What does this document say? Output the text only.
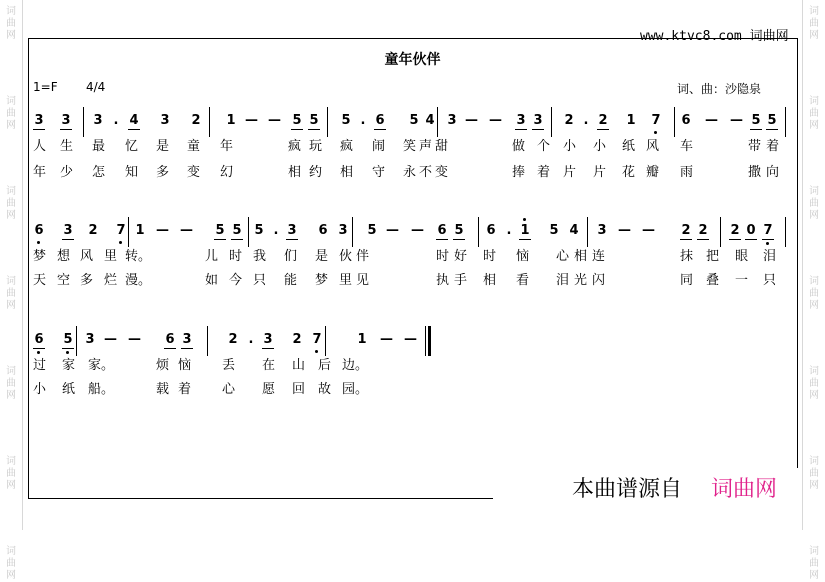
词
曲
网
词
曲
网
词
曲
网
词
曲
网
词
曲
网
词
曲
网
词
曲
网
词
曲
网
词
曲
网
词
曲
网
词
曲
网
词
曲
网
词
曲
网
词
曲
网
www.ktvc8.com 词曲网
童年伙伴
1=F 4/4	词、曲：沙隐泉
3 3 3 . 4 3 2 1 — — 5 5 5 . 6 5 4 3 — — 3 3 2 . 2 1 7 6 — — 5 5
人 生 最 忆 是 童 年	疯 玩 疯 闹 笑 声 甜	做 个 小 小 纸 风 车	带 着
年 少 怎 知 多 变 幻	相 约 相 守 永 不 变	捧 着 片 片 花 瓣 雨	撒 向
6 3 2 7 1 — — 5 5 5 . 3 6 3 5 — — 6 5 6 . 1 5 4 3 — — 2 2 2 0 7
梦 想 风 里 转。	儿 时 我 们 是 伙 伴	时 好 时 恼 心 相 连	抹 把 眼 泪
天 空 多 烂 漫。	如 今 只 能 梦 里 见	执 手 相 看 泪 光 闪	同 叠 一 只
6 5 3 — — 6 3	2 . 3 2 7	1 — —
过 家 家。	烦 恼 丢 在 山 后 边。
小 纸 船。	载 着 心 愿 回 故 园。
本曲谱源自 词曲网
